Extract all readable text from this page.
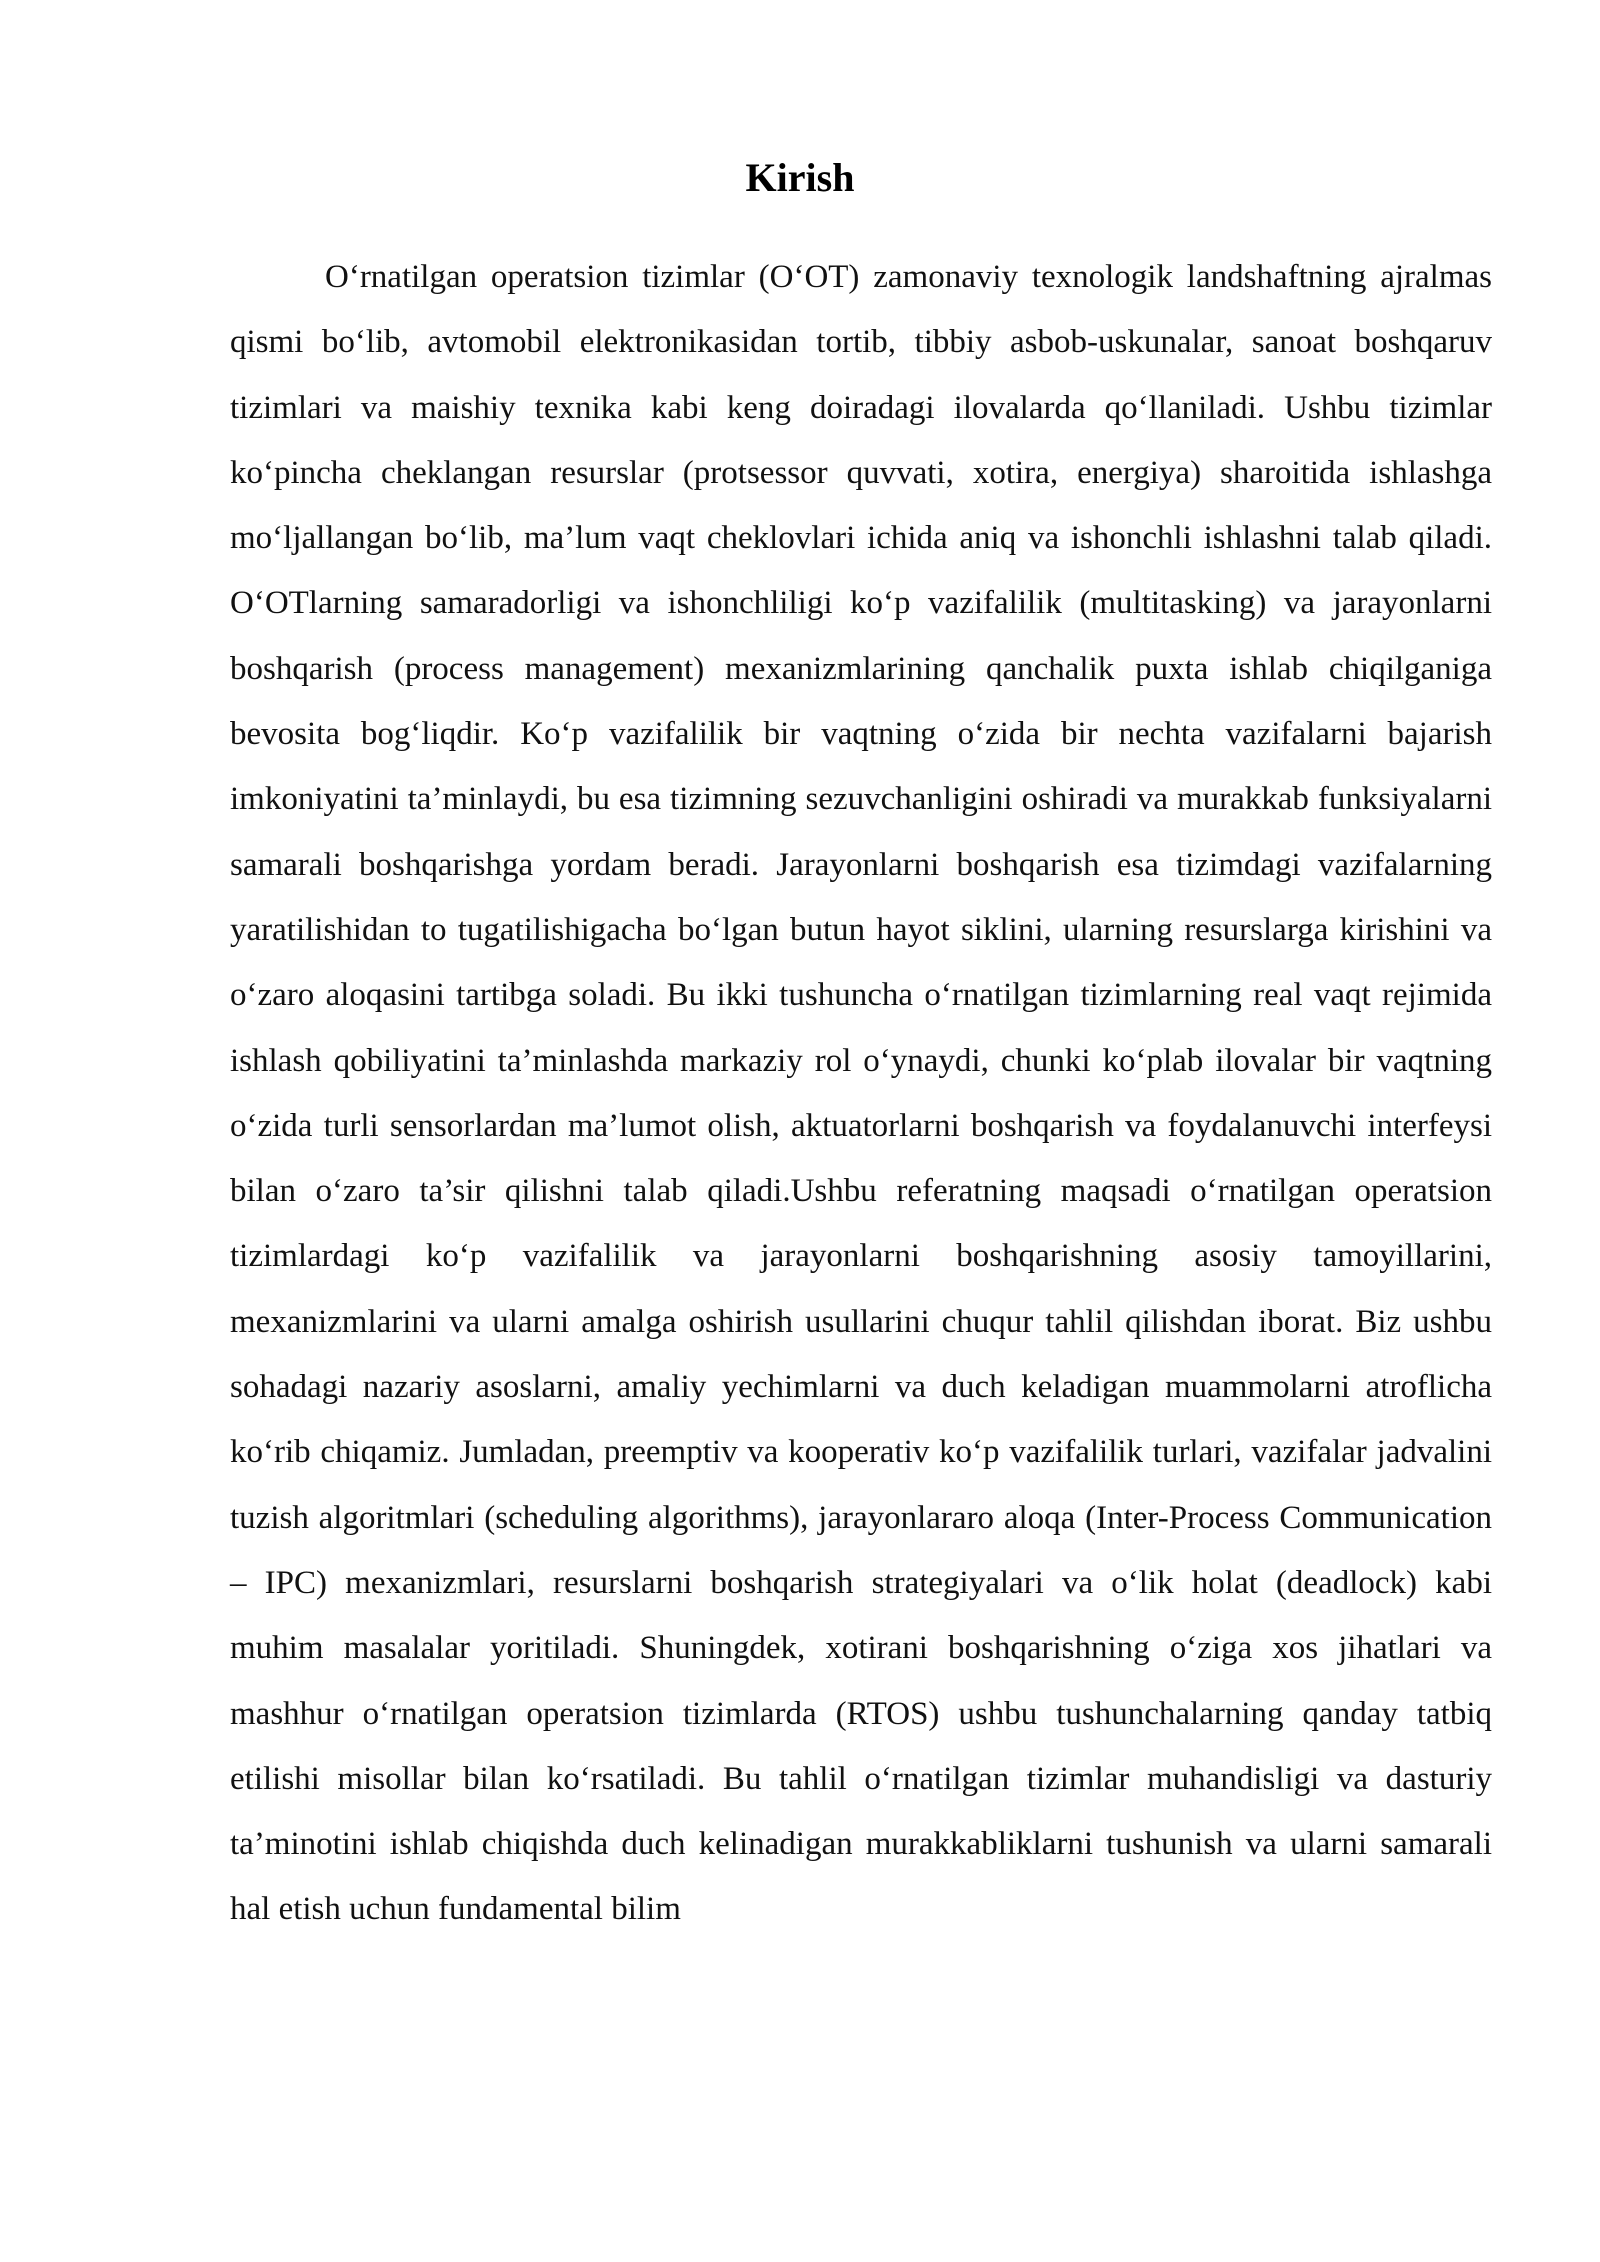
Kirish

O‘rnatilgan operatsion tizimlar (O‘OT) zamonaviy texnologik landshaftning ajralmas qismi bo‘lib, avtomobil elektronikasidan tortib, tibbiy asbob-uskunalar, sanoat boshqaruv tizimlari va maishiy texnika kabi keng doiradagi ilovalarda qo‘llaniladi. Ushbu tizimlar ko‘pincha cheklangan resurslar (protsessor quvvati, xotira, energiya) sharoitida ishlashga mo‘ljallangan bo‘lib, ma’lum vaqt cheklovlari ichida aniq va ishonchli ishlashni talab qiladi. O‘OTlarning samaradorligi va ishonchliligi ko‘p vazifalilik (multitasking) va jarayonlarni boshqarish (process management) mexanizmlarining qanchalik puxta ishlab chiqilganiga bevosita bog‘liqdir. Ko‘p vazifalilik bir vaqtning o‘zida bir nechta vazifalarni bajarish imkoniyatini ta’minlaydi, bu esa tizimning sezuvchanligini oshiradi va murakkab funksiyalarni samarali boshqarishga yordam beradi. Jarayonlarni boshqarish esa tizimdagi vazifalarning yaratilishidan to tugatilishigacha bo‘lgan butun hayot siklini, ularning resurslarga kirishini va o‘zaro aloqasini tartibga soladi. Bu ikki tushuncha o‘rnatilgan tizimlarning real vaqt rejimida ishlash qobiliyatini ta’minlashda markaziy rol o‘ynaydi, chunki ko‘plab ilovalar bir vaqtning o‘zida turli sensorlardan ma’lumot olish, aktuatorlarni boshqarish va foydalanuvchi interfeysi bilan o‘zaro ta’sir qilishni talab qiladi.Ushbu referatning maqsadi o‘rnatilgan operatsion tizimlardagi ko‘p vazifalilik va jarayonlarni boshqarishning asosiy tamoyillarini, mexanizmlarini va ularni amalga oshirish usullarini chuqur tahlil qilishdan iborat. Biz ushbu sohadagi nazariy asoslarni, amaliy yechimlarni va duch keladigan muammolarni atroflicha ko‘rib chiqamiz. Jumladan, preemptiv va kooperativ ko‘p vazifalilik turlari, vazifalar jadvalini tuzish algoritmlari (scheduling algorithms), jarayonlararo aloqa (Inter-Process Communication – IPC) mexanizmlari, resurslarni boshqarish strategiyalari va o‘lik holat (deadlock) kabi muhim masalalar yoritiladi. Shuningdek, xotirani boshqarishning o‘ziga xos jihatlari va mashhur o‘rnatilgan operatsion tizimlarda (RTOS) ushbu tushunchalarning qanday tatbiq etilishi misollar bilan ko‘rsatiladi. Bu tahlil o‘rnatilgan tizimlar muhandisligi va dasturiy ta’minotini ishlab chiqishda duch kelinadigan murakkabliklarni tushunish va ularni samarali hal etish uchun fundamental bilim
